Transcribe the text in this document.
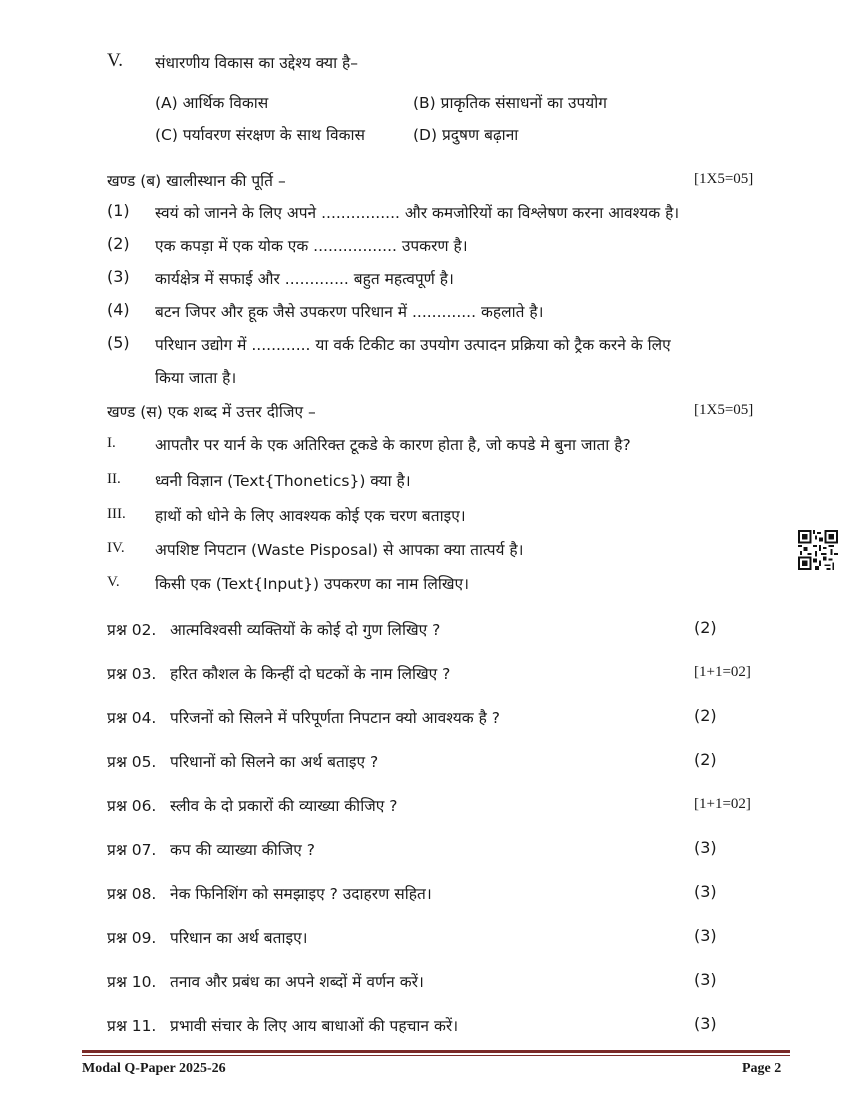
V. संधारणीय विकास का उद्देश्य क्या है–
(A) आर्थिक विकास	(B) प्राकृतिक संसाधनों का उपयोग
(C) पर्यावरण संरक्षण के साथ विकास	(D) प्रदुषण बढ़ाना
खण्ड (ब) खालीस्थान की पूर्ति –	[1X5=05]
(1) स्वयं को जानने के लिए अपने ................ और कमजोरियों का विश्लेषण करना आवश्यक है।
(2) एक कपड़ा में एक योक एक ................. उपकरण है।
(3) कार्यक्षेत्र में सफाई और ............. बहुत महत्वपूर्ण है।
(4) बटन जिपर और हूक जैसे उपकरण परिधान में ............. कहलाते है।
(5) परिधान उद्योग में ............ या वर्क टिकीट का उपयोग उत्पादन प्रक्रिया को ट्रैक करने के लिए
किया जाता है।
खण्ड (स) एक शब्द में उत्तर दीजिए –	[1X5=05]
I.	आपतौर पर यार्न के एक अतिरिक्त टूकडे के कारण होता है, जो कपडे मे बुना जाता है?
II. ध्वनी विज्ञान (Text{Thonetics}) क्या है।
III. हाथों को धोने के लिए आवश्यक कोई एक चरण बताइए।
IV. अपशिष्ट निपटान (Waste Pisposal) से आपका क्या तात्पर्य है।
V. किसी एक (Text{Input}) उपकरण का नाम लिखिए।
प्रश्न 02. आत्मविश्वसी व्यक्तियों के कोई दो गुण लिखिए ?	(2)
प्रश्न 03. हरित कौशल के किन्हीं दो घटकों के नाम लिखिए ?	[1+1=02]
प्रश्न 04. परिजनों को सिलने में परिपूर्णता निपटान क्यो आवश्यक है ?	(2)
प्रश्न 05. परिधानों को सिलने का अर्थ बताइए ?	(2)
प्रश्न 06. स्लीव के दो प्रकारों की व्याख्या कीजिए ?	[1+1=02]
प्रश्न 07. कप की व्याख्या कीजिए ?	(3)
प्रश्न 08. नेक फिनिशिंग को समझाइए ? उदाहरण सहित।	(3)
प्रश्न 09. परिधान का अर्थ बताइए।	(3)
प्रश्न 10. तनाव और प्रबंध का अपने शब्दों में वर्णन करें।	(3)
प्रश्न 11. प्रभावी संचार के लिए आय बाधाओं की पहचान करें।	(3)
Modal Q-Paper 2025-26	Page 2
